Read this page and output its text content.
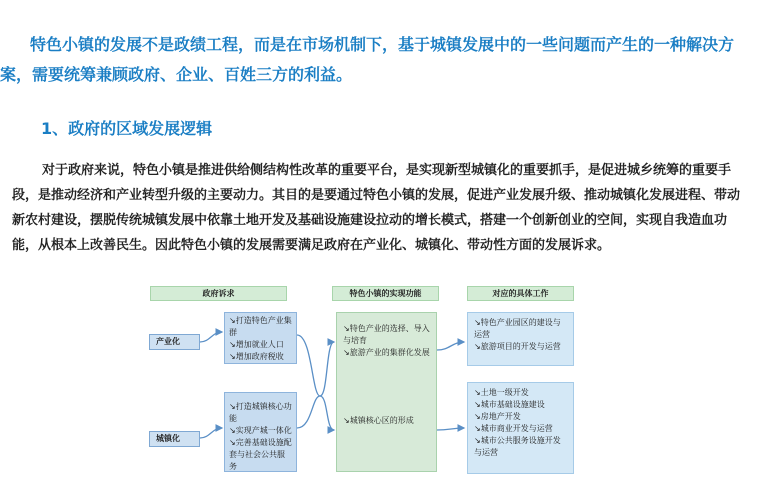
特色小镇的发展不是政绩工程，而是在市场机制下，基于城镇发展中的一些问题而产生的一种解决方案，需要统筹兼顾政府、企业、百姓三方的利益。

1、政府的区域发展逻辑

对于政府来说，特色小镇是推进供给侧结构性改革的重要平台，是实现新型城镇化的重要抓手，是促进城乡统筹的重要手段，是推动经济和产业转型升级的主要动力。其目的是要通过特色小镇的发展，促进产业发展升级、推动城镇化发展进程、带动新农村建设，摆脱传统城镇发展中依靠土地开发及基础设施建设拉动的增长模式，搭建一个创新创业的空间，实现自我造血功能，从根本上改善民生。因此特色小镇的发展需要满足政府在产业化、城镇化、带动性方面的发展诉求。

政府诉求	特色小镇的实现功能	对应的具体工作
产业化
城镇化
↘打造特色产业集群
↘增加就业人口
↘增加政府税收
↘打造城镇核心功能
↘实现产城一体化
↘完善基础设施配套与社会公共服务
↘特色产业的选择、导入与培育
↘旅游产业的集群化发展
↘城镇核心区的形成
↘特色产业园区的建设与运营
↘旅游项目的开发与运营
↘土地一级开发
↘城市基础设施建设
↘房地产开发
↘城市商业开发与运营
↘城市公共服务设施开发与运营
